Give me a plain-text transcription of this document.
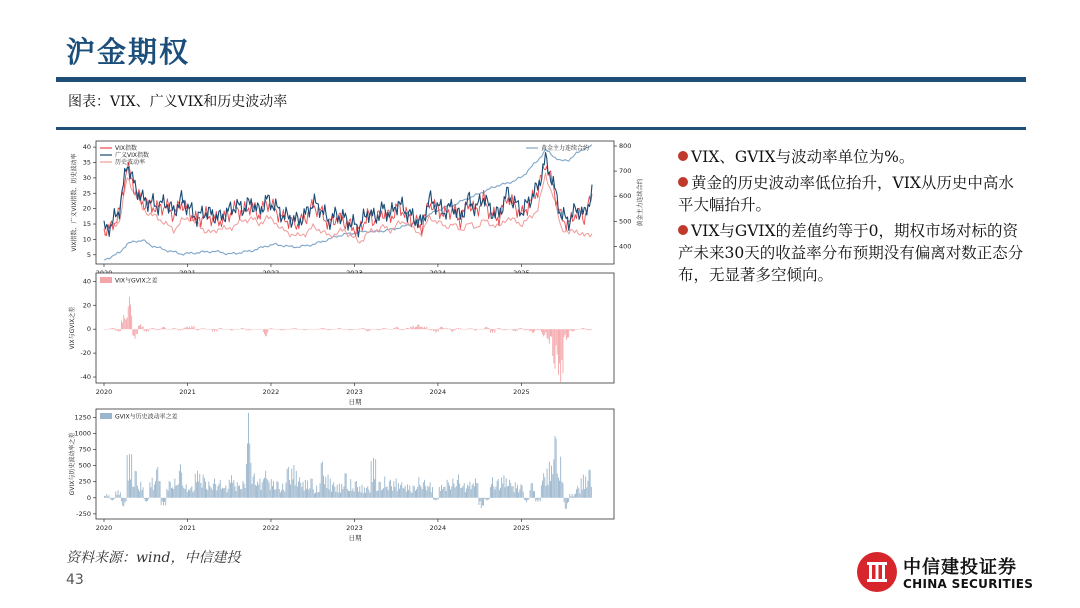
沪金期权
图表：VIX、广义VIX和历史波动率
5
10
15
20
25
30
35
40
400
500
600
700
800
VIX指数、广义VIX指数、历史波动率	黄金主力连续合约
VIX指数
广义VIX指数
历史波动率
黄金主力连续合约
2020	2021	2022	2023	2024	2025
40
20
0
-20
-40
VIX与GVIX之差
日期
VIX与GVIX之差
2020	2021	2022	2023	2024	2025
1250
1000
750
500
250
0
-250
GVIX与历史波动率之差
日期
GVIX与历史波动率之差
VIX、GVIX与波动率单位为%。
黄金的历史波动率低位抬升，VIX从历史中高水平大幅抬升。
VIX与GVIX的差值约等于0，期权市场对标的资产未来30天的收益率分布预期没有偏离对数正态分布，无显著多空倾向。
资料来源：wind，中信建投
43
中信建投证券
CHINA SECURITIES
